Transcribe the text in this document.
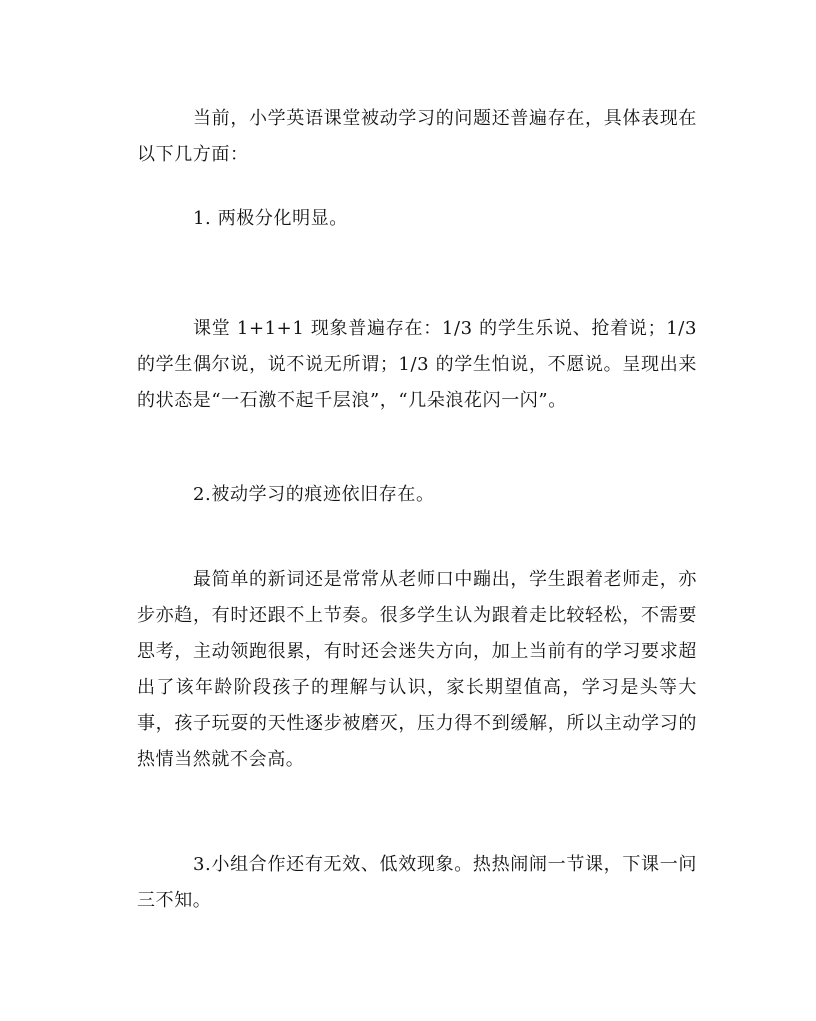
当前，小学英语课堂被动学习的问题还普遍存在，具体表现在以下几方面：

1. 两极分化明显。

课堂 1+1+1 现象普遍存在：1/3 的学生乐说、抢着说；1/3 的学生偶尔说，说不说无所谓；1/3 的学生怕说，不愿说。呈现出来的状态是“一石激不起千层浪”，“几朵浪花闪一闪”。

2.被动学习的痕迹依旧存在。

最简单的新词还是常常从老师口中蹦出，学生跟着老师走，亦步亦趋，有时还跟不上节奏。很多学生认为跟着走比较轻松，不需要思考，主动领跑很累，有时还会迷失方向，加上当前有的学习要求超出了该年龄阶段孩子的理解与认识，家长期望值高，学习是头等大事，孩子玩耍的天性逐步被磨灭，压力得不到缓解，所以主动学习的热情当然就不会高。

3.小组合作还有无效、低效现象。热热闹闹一节课，下课一问三不知。
